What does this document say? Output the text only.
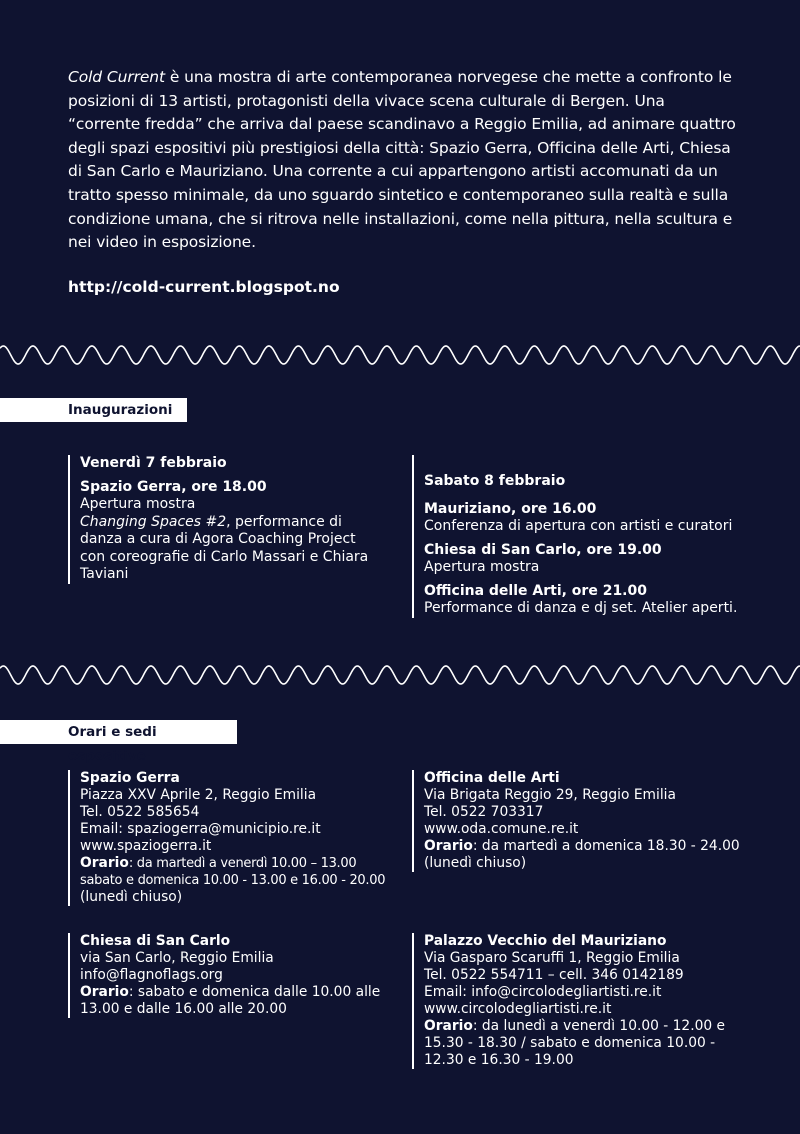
Cold Current è una mostra di arte contemporanea norvegese che mette a confronto le posizioni di 13 artisti, protagonisti della vivace scena culturale di Bergen. Una “corrente fredda” che arriva dal paese scandinavo a Reggio Emilia, ad animare quattro degli spazi espositivi più prestigiosi della città: Spazio Gerra, Officina delle Arti, Chiesa di San Carlo e Mauriziano. Una corrente a cui appartengono artisti accomunati da un tratto spesso minimale, da uno sguardo sintetico e contemporaneo sulla realtà e sulla condizione umana, che si ritrova nelle installazioni, come nella pittura, nella scultura e nei video in esposizione.
http://cold-current.blogspot.no
Inaugurazioni

Venerdì 7 febbraio

Spazio Gerra, ore 18.00

Apertura mostra

Changing Spaces #2, performance di danza a cura di Agora Coaching Project con coreografie di Carlo Massari e Chiara Taviani

Sabato 8 febbraio

Mauriziano, ore 16.00

Conferenza di apertura con artisti e curatori

Chiesa di San Carlo, ore 19.00

Apertura mostra

Officina delle Arti, ore 21.00

Performance di danza e dj set. Atelier aperti.

Orari e sedi espositive

Spazio Gerra

Piazza XXV Aprile 2, Reggio Emilia

Tel. 0522 585654

Email: spaziogerra@municipio.re.it

www.spaziogerra.it

Orario: da martedì a venerdì 10.00 – 13.00

sabato e domenica 10.00 - 13.00 e 16.00 - 20.00

(lunedì chiuso)

Officina delle Arti

Via Brigata Reggio 29, Reggio Emilia

Tel. 0522 703317

www.oda.comune.re.it

Orario: da martedì a domenica 18.30 - 24.00

(lunedì chiuso)

Chiesa di San Carlo

via San Carlo, Reggio Emilia

info@flagnoflags.org

Orario: sabato e domenica dalle 10.00 alle 13.00 e dalle 16.00 alle 20.00

Palazzo Vecchio del Mauriziano

Via Gasparo Scaruffi 1, Reggio Emilia

Tel. 0522 554711 – cell. 346 0142189

Email: info@circolodegliartisti.re.it

www.circolodegliartisti.re.it

Orario: da lunedì a venerdì 10.00 - 12.00 e 15.30 - 18.30 / sabato e domenica 10.00 - 12.30 e 16.30 - 19.00
